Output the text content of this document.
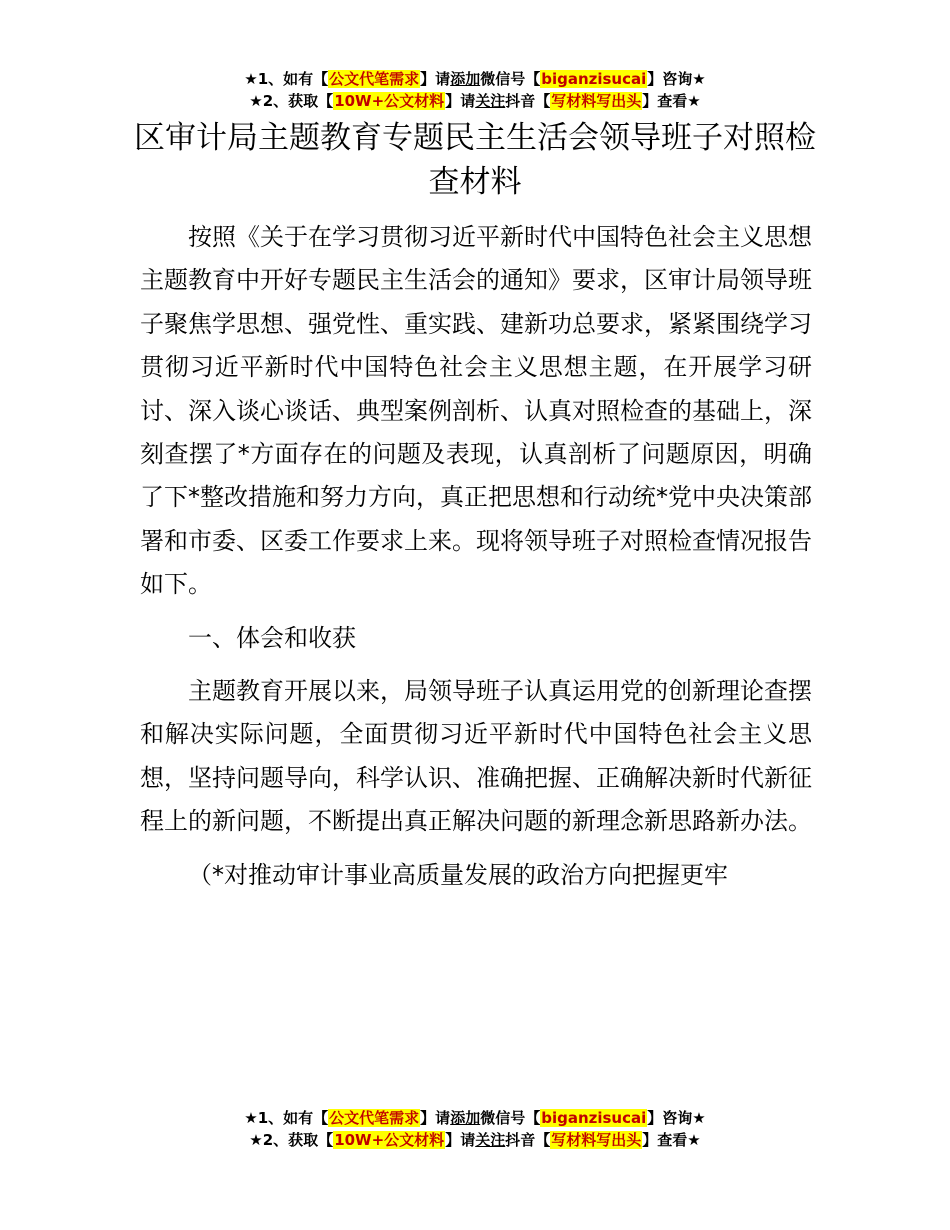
★1、如有【公文代笔需求】请添加微信号【biganzisucai】咨询★
★2、获取【10W+公文材料】请关注抖音【写材料写出头】查看★
区审计局主题教育专题民主生活会领导班子对照检查材料

按照《关于在学习贯彻习近平新时代中国特色社会主义思想主题教育中开好专题民主生活会的通知》要求，区审计局领导班子聚焦学思想、强党性、重实践、建新功总要求，紧紧围绕学习贯彻习近平新时代中国特色社会主义思想主题，在开展学习研讨、深入谈心谈话、典型案例剖析、认真对照检查的基础上，深刻查摆了*方面存在的问题及表现，认真剖析了问题原因，明确了下*整改措施和努力方向，真正把思想和行动统*党中央决策部署和市委、区委工作要求上来。现将领导班子对照检查情况报告如下。

一、体会和收获

主题教育开展以来，局领导班子认真运用党的创新理论查摆和解决实际问题，全面贯彻习近平新时代中国特色社会主义思想，坚持问题导向，科学认识、准确把握、正确解决新时代新征程上的新问题，不断提出真正解决问题的新理念新思路新办法。

（*对推动审计事业高质量发展的政治方向把握更牢

★1、如有【公文代笔需求】请添加微信号【biganzisucai】咨询★
★2、获取【10W+公文材料】请关注抖音【写材料写出头】查看★
